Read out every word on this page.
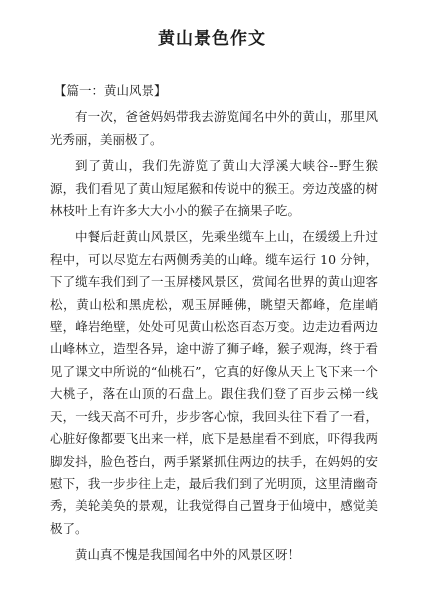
黄山景色作文
【篇一：黄山风景】

有一次，爸爸妈妈带我去游览闻名中外的黄山，那里风光秀丽，美丽极了。

到了黄山，我们先游览了黄山大浮溪大峡谷--野生猴源，我们看见了黄山短尾猴和传说中的猴王。旁边茂盛的树林枝叶上有许多大大小小的猴子在摘果子吃。

中餐后赶黄山风景区，先乘坐缆车上山，在缓缓上升过程中，可以尽览左右两侧秀美的山峰。缆车运行 10 分钟，下了缆车我们到了一玉屏楼风景区，赏闻名世界的黄山迎客松，黄山松和黑虎松，观玉屏睡佛，眺望天都峰，危崖峭壁，峰岩绝壁，处处可见黄山松恣百态万变。边走边看两边山峰林立，造型各异，途中游了狮子峰，猴子观海，终于看见了课文中所说的“仙桃石”，它真的好像从天上飞下来一个大桃子，落在山顶的石盘上。跟住我们登了百步云梯一线天，一线天高不可升，步步客心惊，我回头往下看了一看，心脏好像都要飞出来一样，底下是悬崖看不到底，吓得我两脚发抖，脸色苍白，两手紧紧抓住两边的扶手，在妈妈的安慰下，我一步步往上走，最后我们到了光明顶，这里清幽奇秀，美轮美奂的景观，让我觉得自己置身于仙境中，感觉美极了。

黄山真不愧是我国闻名中外的风景区呀！
